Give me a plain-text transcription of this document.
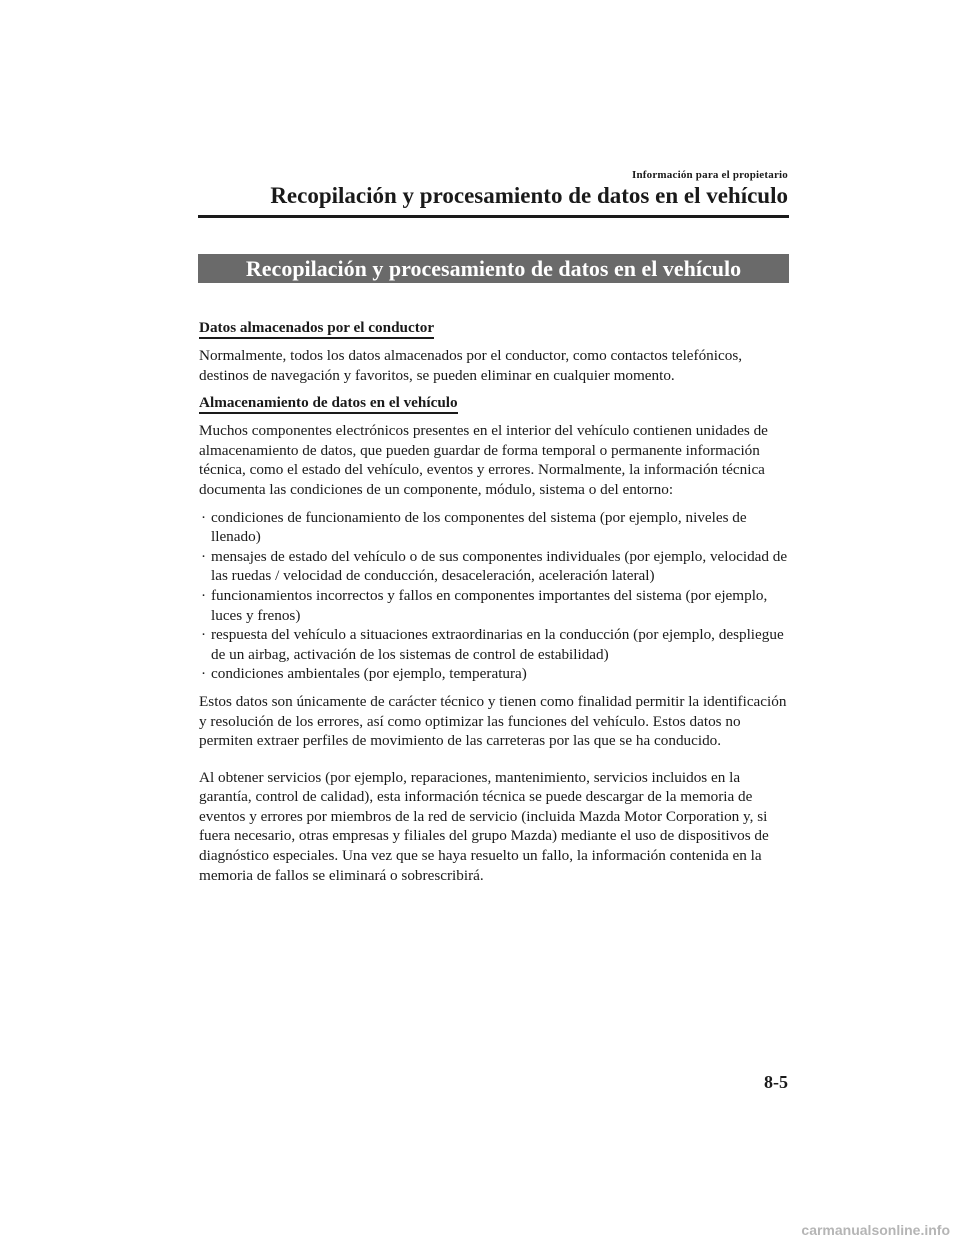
Información para el propietario
Recopilación y procesamiento de datos en el vehículo
Recopilación y procesamiento de datos en el vehículo
Datos almacenados por el conductor

Normalmente, todos los datos almacenados por el conductor, como contactos telefónicos, destinos de navegación y favoritos, se pueden eliminar en cualquier momento.

Almacenamiento de datos en el vehículo

Muchos componentes electrónicos presentes en el interior del vehículo contienen unidades de almacenamiento de datos, que pueden guardar de forma temporal o permanente información técnica, como el estado del vehículo, eventos y errores. Normalmente, la información técnica documenta las condiciones de un componente, módulo, sistema o del entorno:

· condiciones de funcionamiento de los componentes del sistema (por ejemplo, niveles de llenado)
· mensajes de estado del vehículo o de sus componentes individuales (por ejemplo, velocidad de las ruedas / velocidad de conducción, desaceleración, aceleración lateral)
· funcionamientos incorrectos y fallos en componentes importantes del sistema (por ejemplo, luces y frenos)
· respuesta del vehículo a situaciones extraordinarias en la conducción (por ejemplo, despliegue de un airbag, activación de los sistemas de control de estabilidad)
· condiciones ambientales (por ejemplo, temperatura)

Estos datos son únicamente de carácter técnico y tienen como finalidad permitir la identificación y resolución de los errores, así como optimizar las funciones del vehículo. Estos datos no permiten extraer perfiles de movimiento de las carreteras por las que se ha conducido.

Al obtener servicios (por ejemplo, reparaciones, mantenimiento, servicios incluidos en la garantía, control de calidad), esta información técnica se puede descargar de la memoria de eventos y errores por miembros de la red de servicio (incluida Mazda Motor Corporation y, si fuera necesario, otras empresas y filiales del grupo Mazda) mediante el uso de dispositivos de diagnóstico especiales. Una vez que se haya resuelto un fallo, la información contenida en la memoria de fallos se eliminará o sobrescribirá.

8-5
carmanualsonline.info
